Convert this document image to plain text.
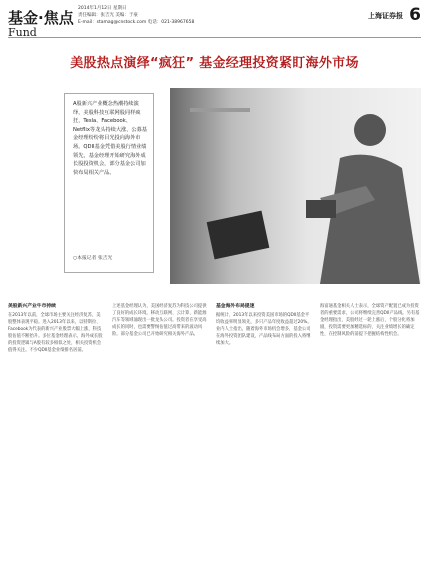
基金·焦点
Fund
2014年1月12日 星期日
责任编辑：张吉光 美编：于豪
E-mail：stamag@cnstock.com 电话：021-38967658
上海证券报 6
美股热点演绎“疯狂” 基金经理投资紧盯海外市场
A股新兴产业概念热潮持续演绎，美股科技互联网股同样疯狂，Tesla、Facebook、Netflix等龙头持续大涨，公募基金经理纷纷将目光投向海外市场。QDII基金凭借美股行情业绩领先，基金经理开始研究海外成长股投资机会，部分基金公司加快布局相关产品。
○本报记者 张吉光
美股新兴产业牛市持续
在2013年以前，全球市场主要关注经济复苏，美股整体表现平稳。进入2013年以来，以特斯拉、Facebook为代表的新兴产业股票大幅上涨，科技股估值不断抬升。多位基金经理表示，海外成长股的投资逻辑与A股有较多相似之处，相关投资机会值得关注。不少QDII基金业绩排名居前。
上述基金经理认为，美国经济复苏为科技公司提供了良好的成长环境，移动互联网、云计算、新能源汽车等领域涌现出一批龙头公司。投资者在享受高成长的同时，也需要警惕估值过高带来的波动风险。部分基金公司已开始研究相关海外产品。
基金海外布局提速
据统计，2013年以来投资美国市场的QDII基金平均收益率明显领先，多只产品年度收益超过20%。业内人士指出，随着海外市场机会增多，基金公司在海外投资团队建设、产品线布局方面的投入将继续加大。
海富通基金相关人士表示，全球资产配置已成为投资者的重要需求，公司将继续完善QDII产品线。另有基金经理指出，美股经过一轮上涨后，个股分化将加剧，投资需要更加精选标的，关注业绩增长的确定性，在控制风险的前提下把握结构性机会。
